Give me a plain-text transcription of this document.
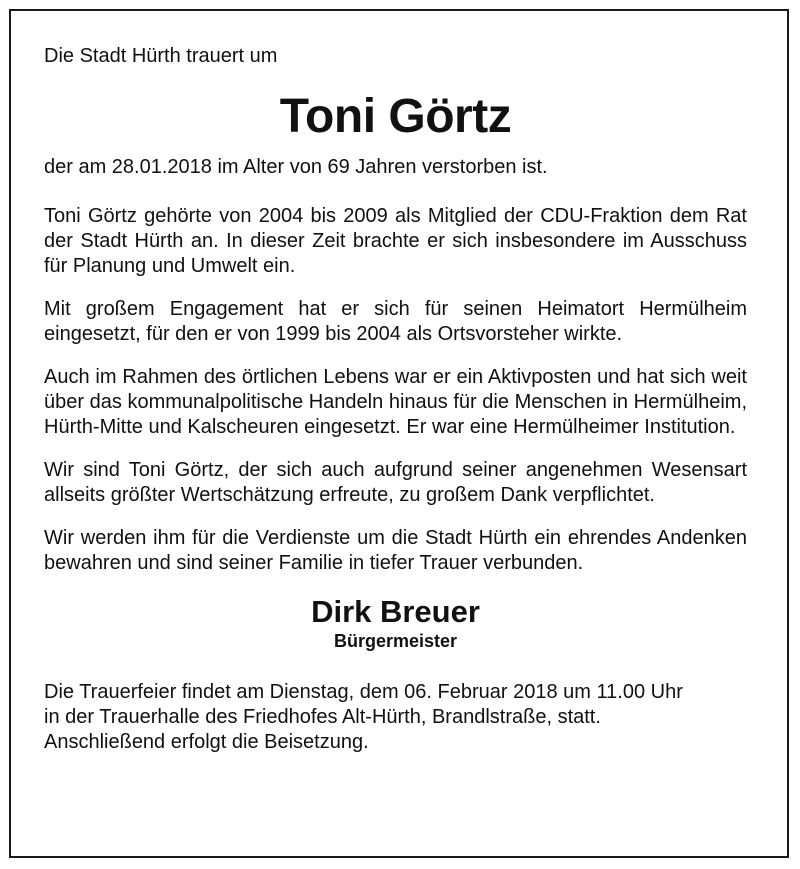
Die Stadt Hürth trauert um

Toni Görtz

der am 28.01.2018 im Alter von 69 Jahren verstorben ist.

Toni Görtz gehörte von 2004 bis 2009 als Mitglied der CDU-Fraktion dem Rat der Stadt Hürth an. In dieser Zeit brachte er sich insbesondere im Ausschuss für Planung und Umwelt ein.

Mit großem Engagement hat er sich für seinen Heimatort Hermülheim eingesetzt, für den er von 1999 bis 2004 als Ortsvorsteher wirkte.

Auch im Rahmen des örtlichen Lebens war er ein Aktivposten und hat sich weit über das kommunalpolitische Handeln hinaus für die Menschen in Hermülheim, Hürth-Mitte und Kalscheuren eingesetzt. Er war eine Hermülheimer Institution.

Wir sind Toni Görtz, der sich auch aufgrund seiner angenehmen Wesensart allseits größter Wertschätzung erfreute, zu großem Dank verpflichtet.

Wir werden ihm für die Verdienste um die Stadt Hürth ein ehrendes Andenken bewahren und sind seiner Familie in tiefer Trauer verbunden.

Dirk Breuer
Bürgermeister
Die Trauerfeier findet am Dienstag, dem 06. Februar 2018 um 11.00 Uhr
in der Trauerhalle des Friedhofes Alt-Hürth, Brandlstraße, statt.
Anschließend erfolgt die Beisetzung.
